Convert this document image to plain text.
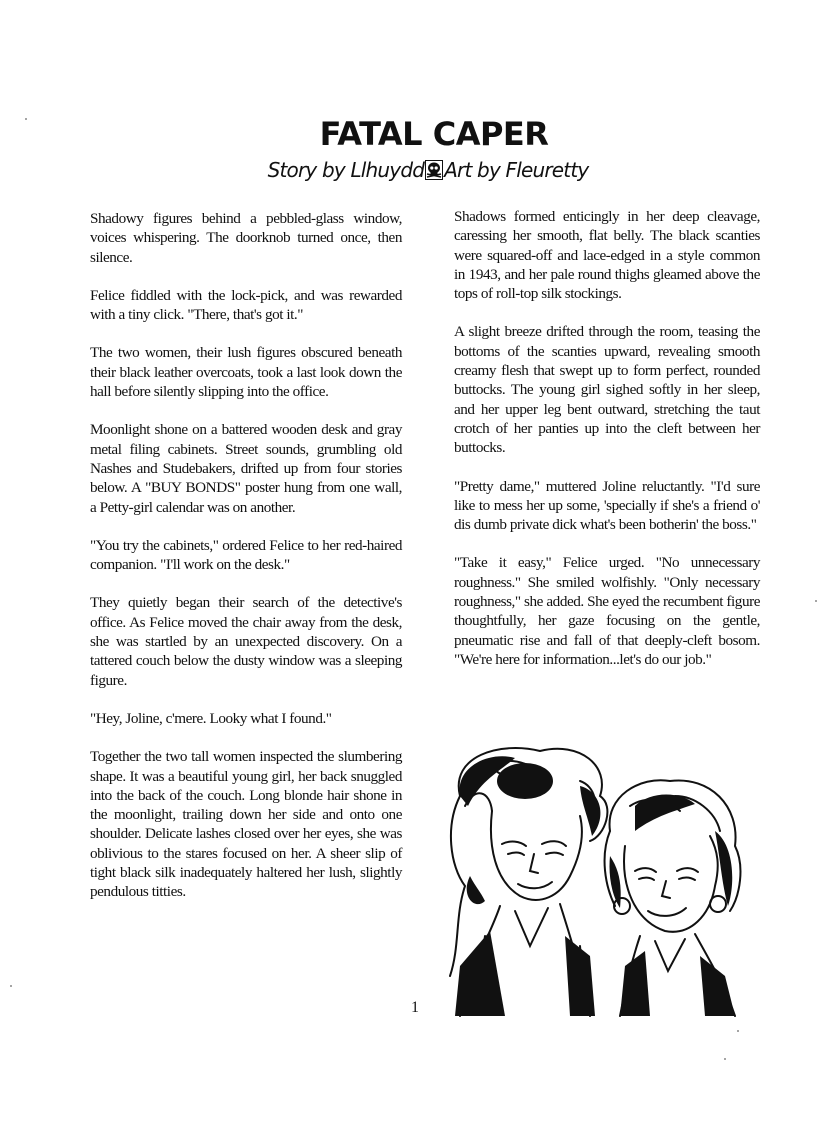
FATAL CAPER
Story by Llhuydd Art by Fleuretty

Shadowy figures behind a pebbled-glass window, voices whispering. The doorknob turned once, then silence.

Felice fiddled with the lock-pick, and was rewarded with a tiny click. "There, that's got it."

The two women, their lush figures obscured beneath their black leather overcoats, took a last look down the hall before silently slipping into the office.

Moonlight shone on a battered wooden desk and gray metal filing cabinets. Street sounds, grumbling old Nashes and Studebakers, drifted up from four stories below. A "BUY BONDS" poster hung from one wall, a Petty-girl calendar was on another.

"You try the cabinets," ordered Felice to her red-haired companion. "I'll work on the desk."

They quietly began their search of the detective's office. As Felice moved the chair away from the desk, she was startled by an unexpected discovery. On a tattered couch below the dusty window was a sleeping figure.

"Hey, Joline, c'mere. Looky what I found."

Together the two tall women inspected the slumbering shape. It was a beautiful young girl, her back snuggled into the back of the couch. Long blonde hair shone in the moonlight, trailing down her side and onto one shoulder. Delicate lashes closed over her eyes, she was oblivious to the stares focused on her. A sheer slip of tight black silk inadequately haltered her lush, slightly pendulous titties.

Shadows formed enticingly in her deep cleavage, caressing her smooth, flat belly. The black scanties were squared-off and lace-edged in a style common in 1943, and her pale round thighs gleamed above the tops of roll-top silk stockings.

A slight breeze drifted through the room, teasing the bottoms of the scanties upward, revealing smooth creamy flesh that swept up to form perfect, rounded buttocks. The young girl sighed softly in her sleep, and her upper leg bent outward, stretching the taut crotch of her panties up into the cleft between her buttocks.

"Pretty dame," muttered Joline reluctantly. "I'd sure like to mess her up some, 'specially if she's a friend o' dis dumb private dick what's been botherin' the boss."

"Take it easy," Felice urged. "No unnecessary roughness." She smiled wolfishly. "Only necessary roughness," she added. She eyed the recumbent figure thoughtfully, her gaze focusing on the gentle, pneumatic rise and fall of that deeply-cleft bosom. "We're here for information...let's do our job."

1
